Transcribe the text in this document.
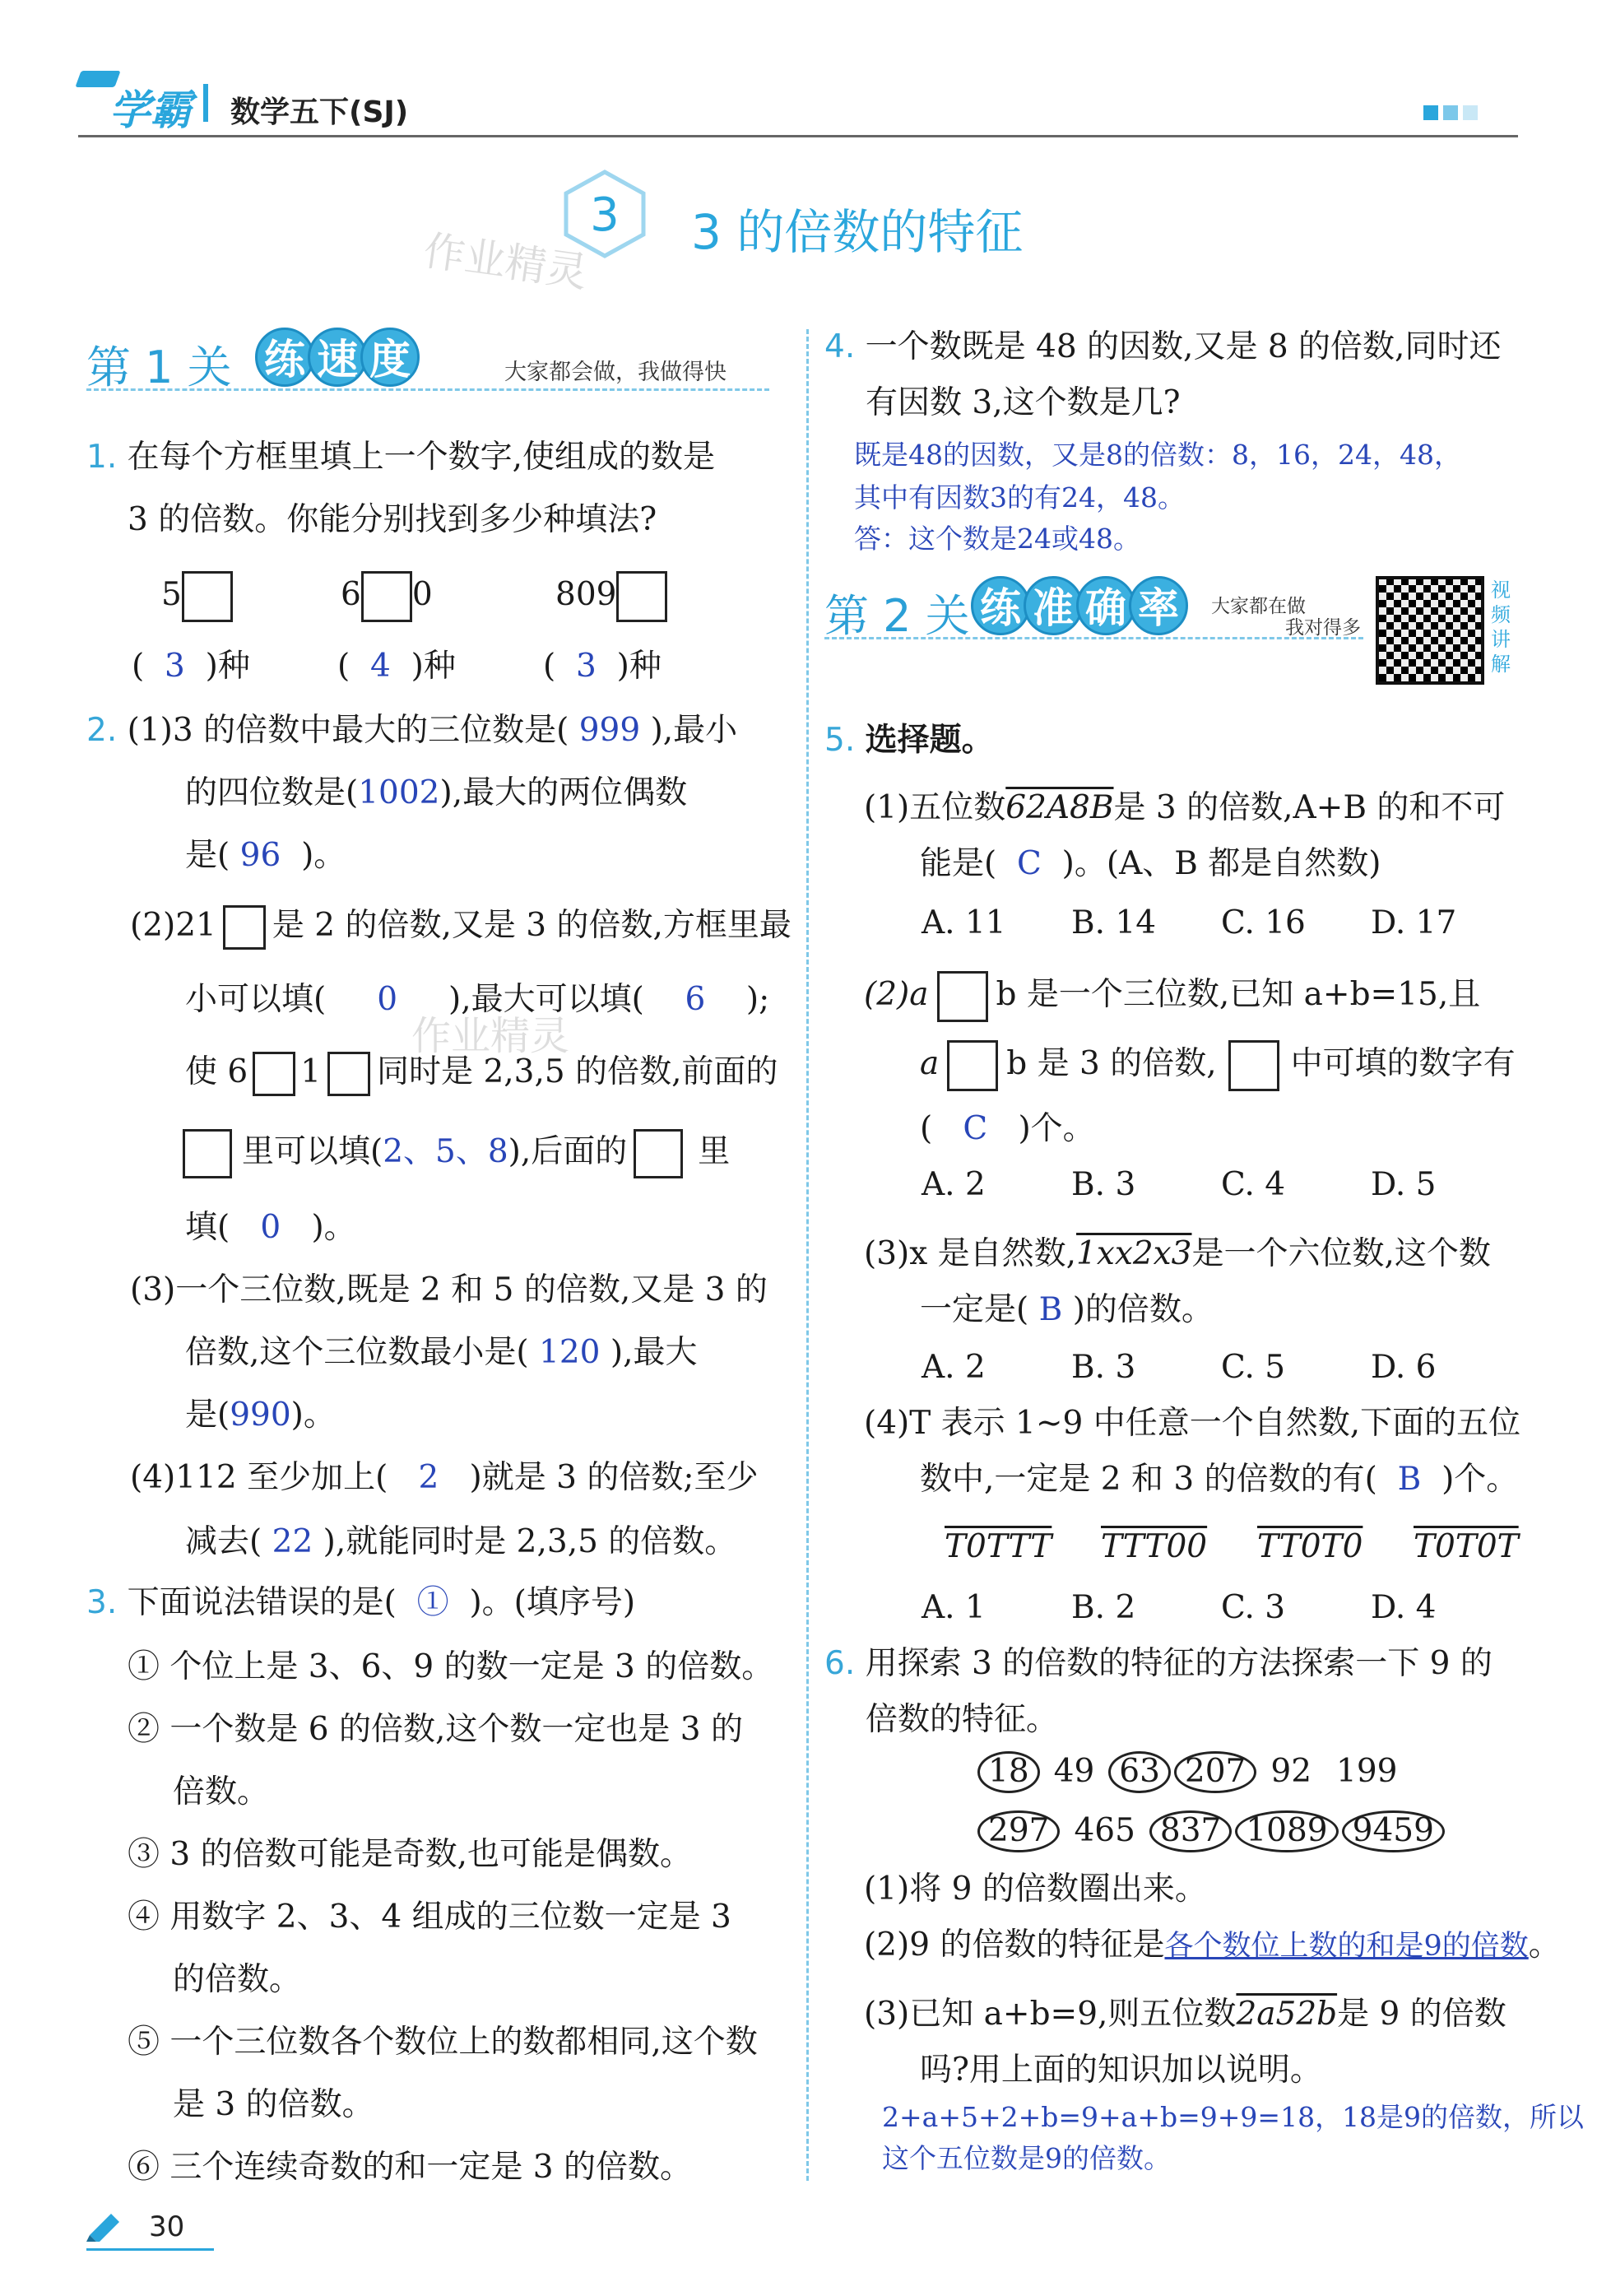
学霸 数学五下(SJ)
3
作业精灵 3 的倍数的特征
第 1 关 练 速 度	大家都会做，我做得快
1. 在每个方框里填上一个数字,使组成的数是
3 的倍数。你能分别找到多少种填法?
5	6 0	809
(  3  )种	(  4  )种	(  3  )种
2. (1)3 的倍数中最大的三位数是( 999 ),最小
的四位数是(1002),最大的两位偶数
是( 96 )。
(2)21 是 2 的倍数,又是 3 的倍数,方框里最
小可以填( 0 ),最大可以填( 6 );
作业精灵
使 6 1 同时是 2,3,5 的倍数,前面的
里可以填(2、5、8),后面的 里
填( 0 )。
(3)一个三位数,既是 2 和 5 的倍数,又是 3 的
倍数,这个三位数最小是( 120 ),最大
是(990)。
(4)112 至少加上( 2 )就是 3 的倍数;至少
减去( 22 ),就能同时是 2,3,5 的倍数。
3. 下面说法错误的是( ① )。(填序号)
① 个位上是 3、6、9 的数一定是 3 的倍数。
② 一个数是 6 的倍数,这个数一定也是 3 的
倍数。
③ 3 的倍数可能是奇数,也可能是偶数。
④ 用数字 2、3、4 组成的三位数一定是 3
的倍数。
⑤ 一个三位数各个数位上的数都相同,这个数
是 3 的倍数。
⑥ 三个连续奇数的和一定是 3 的倍数。
4. 一个数既是 48 的因数,又是 8 的倍数,同时还
有因数 3,这个数是几?
既是48的因数，又是8的倍数：8，16，24，48，
其中有因数3的有24，48。
答：这个数是24或48。
第 2 关 练 准 确 率 大家都在做
我对得多
视
频
讲
解
5. 选择题。
(1)五位数62A8B是 3 的倍数,A+B 的和不可
能是( C )。(A、B 都是自然数)
A. 11 B. 14 C. 16 D. 17
(2)a b 是一个三位数,已知 a+b=15,且
a b 是 3 的倍数, 中可填的数字有
( C )个。
A. 2	B. 3	C. 4	D. 5
(3)x 是自然数,1xx2x3是一个六位数,这个数
一定是( B )的倍数。
A. 2	B. 3	C. 5	D. 6
(4)T 表示 1~9 中任意一个自然数,下面的五位
数中,一定是 2 和 3 的倍数的有( B )个。
T0TTT TTT00 TT0T0 T0T0T
A. 1	B. 2	C. 3	D. 4
6. 用探索 3 的倍数的特征的方法探索一下 9 的
倍数的特征。
18 49 63 207 92 199
297 465 837 1089 9459
(1)将 9 的倍数圈出来。
(2)9 的倍数的特征是各个数位上数的和是9的倍数。
(3)已知 a+b=9,则五位数2a52b是 9 的倍数
吗?用上面的知识加以说明。
2+a+5+2+b=9+a+b=9+9=18，18是9的倍数，所以
这个五位数是9的倍数。
30
